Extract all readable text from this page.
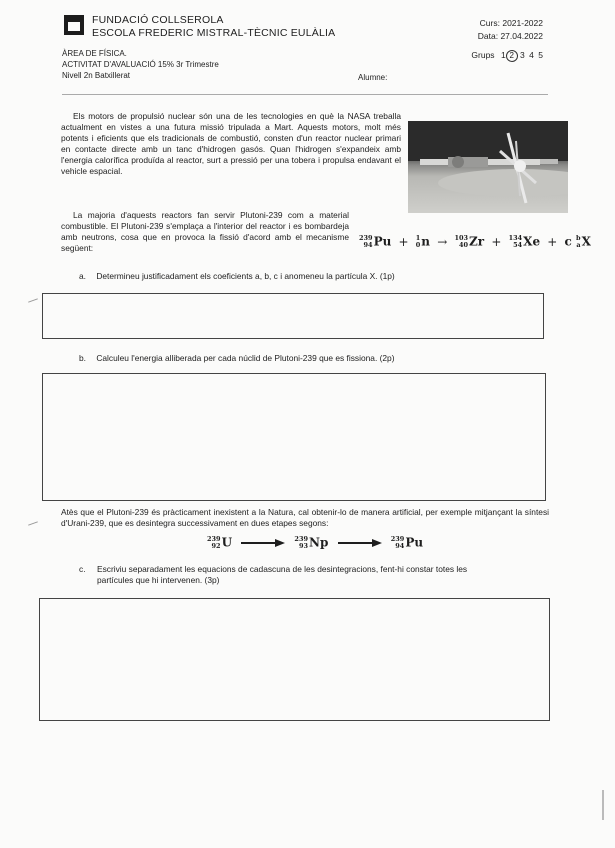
FUNDACIÓ COLLSEROLA
ESCOLA FREDERIC MISTRAL-TÈCNIC EULÀLIA
Curs: 2021-2022
Data: 27.04.2022
Grups 1 2 3 4 5
ÀREA DE FÍSICA.
ACTIVITAT D'AVALUACIÓ 15% 3r Trimestre
Nivell 2n Batxillerat	Alumne:
Els motors de propulsió nuclear són una de les tecnologies en què la NASA treballa actualment en vistes a una futura missió tripulada a Mart. Aquests motors, molt més potents i eficients que els tradicionals de combustió, consten d'un reactor nuclear primari en contacte directe amb un tanc d'hidrogen gasós. Quan l'hidrogen s'expandeix amb l'energia calorífica produïda al reactor, surt a pressió per una tobera i propulsa endavant el vehicle espacial.
La majoria d'aquests reactors fan servir Plutoni-239 com a material combustible. El Plutoni-239 s'emplaça a l'interior del reactor i es bombardeja amb neutrons, cosa que en provoca la fissió d'acord amb el mecanisme següent:
239
94 Pu + 1
0 n → 103
40 Zr + 134
54 Xe + c b
a X
a. Determineu justificadament els coeficients a, b, c i anomeneu la partícula X. (1p)
b. Calculeu l'energia alliberada per cada núclid de Plutoni-239 que es fissiona. (2p)
Atès que el Plutoni-239 és pràcticament inexistent a la Natura, cal obtenir-lo de manera artificial, per exemple mitjançant la síntesi d'Urani-239, que es desintegra successivament en dues etapes segons:
239
92 U	239
93 Np	239
94 Pu
c. Escriviu separadament les equacions de cadascuna de les desintegracions, fent-hi constar totes les
partícules que hi intervenen. (3p)
